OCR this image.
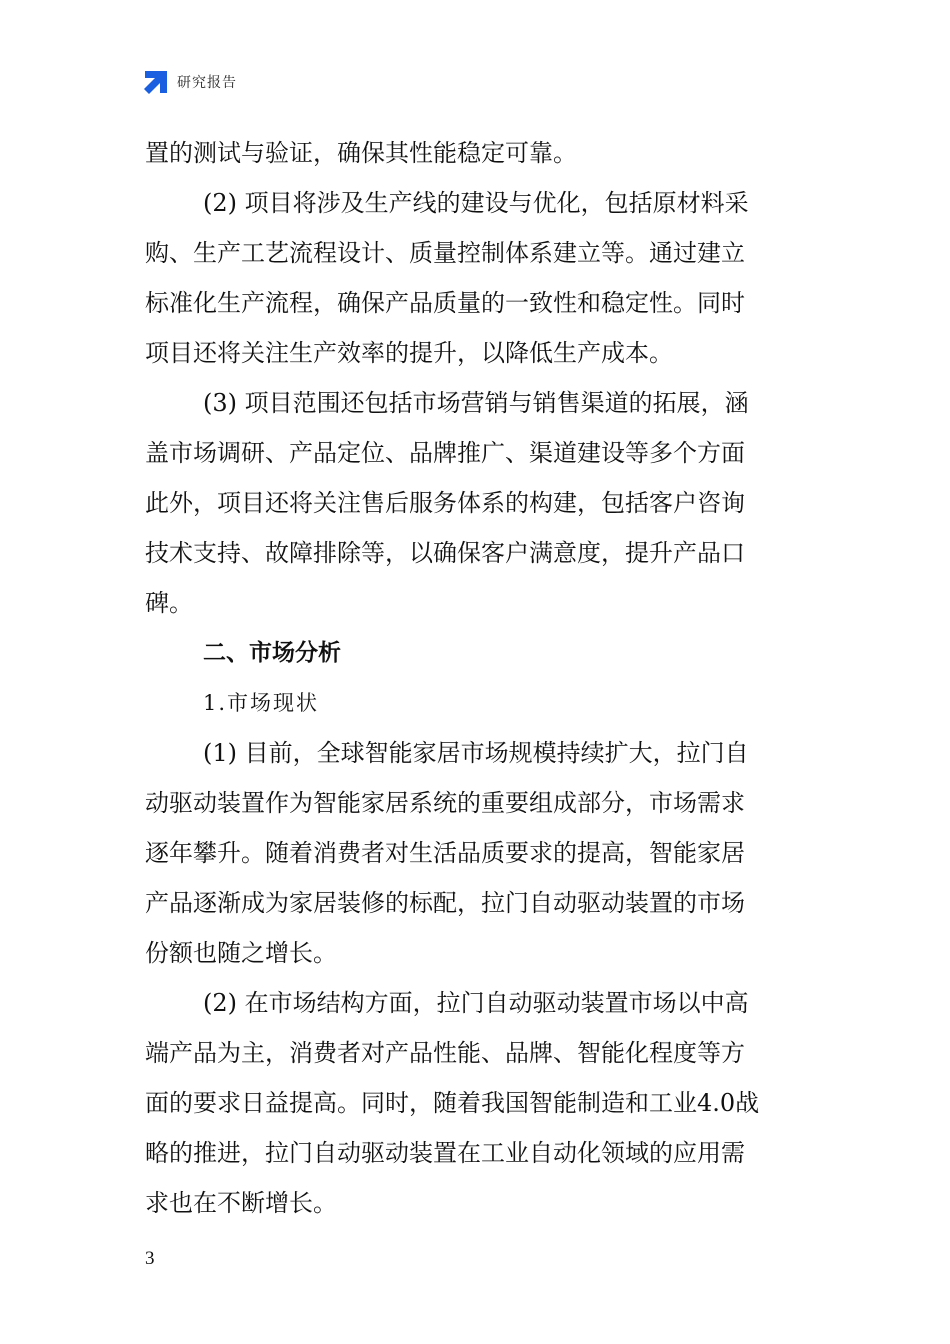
研究报告
置的测试与验证，确保其性能稳定可靠。
(2) 项目将涉及生产线的建设与优化，包括原材料采
购、生产工艺流程设计、质量控制体系建立等。通过建立
标准化生产流程，确保产品质量的一致性和稳定性。同时
项目还将关注生产效率的提升，以降低生产成本。
(3) 项目范围还包括市场营销与销售渠道的拓展，涵
盖市场调研、产品定位、品牌推广、渠道建设等多个方面
此外，项目还将关注售后服务体系的构建，包括客户咨询
技术支持、故障排除等，以确保客户满意度，提升产品口
碑。
二、市场分析
1.市场现状
(1) 目前，全球智能家居市场规模持续扩大，拉门自
动驱动装置作为智能家居系统的重要组成部分，市场需求
逐年攀升。随着消费者对生活品质要求的提高，智能家居
产品逐渐成为家居装修的标配，拉门自动驱动装置的市场
份额也随之增长。
(2) 在市场结构方面，拉门自动驱动装置市场以中高
端产品为主，消费者对产品性能、品牌、智能化程度等方
面的要求日益提高。同时，随着我国智能制造和工业4.0战
略的推进，拉门自动驱动装置在工业自动化领域的应用需
求也在不断增长。
3
